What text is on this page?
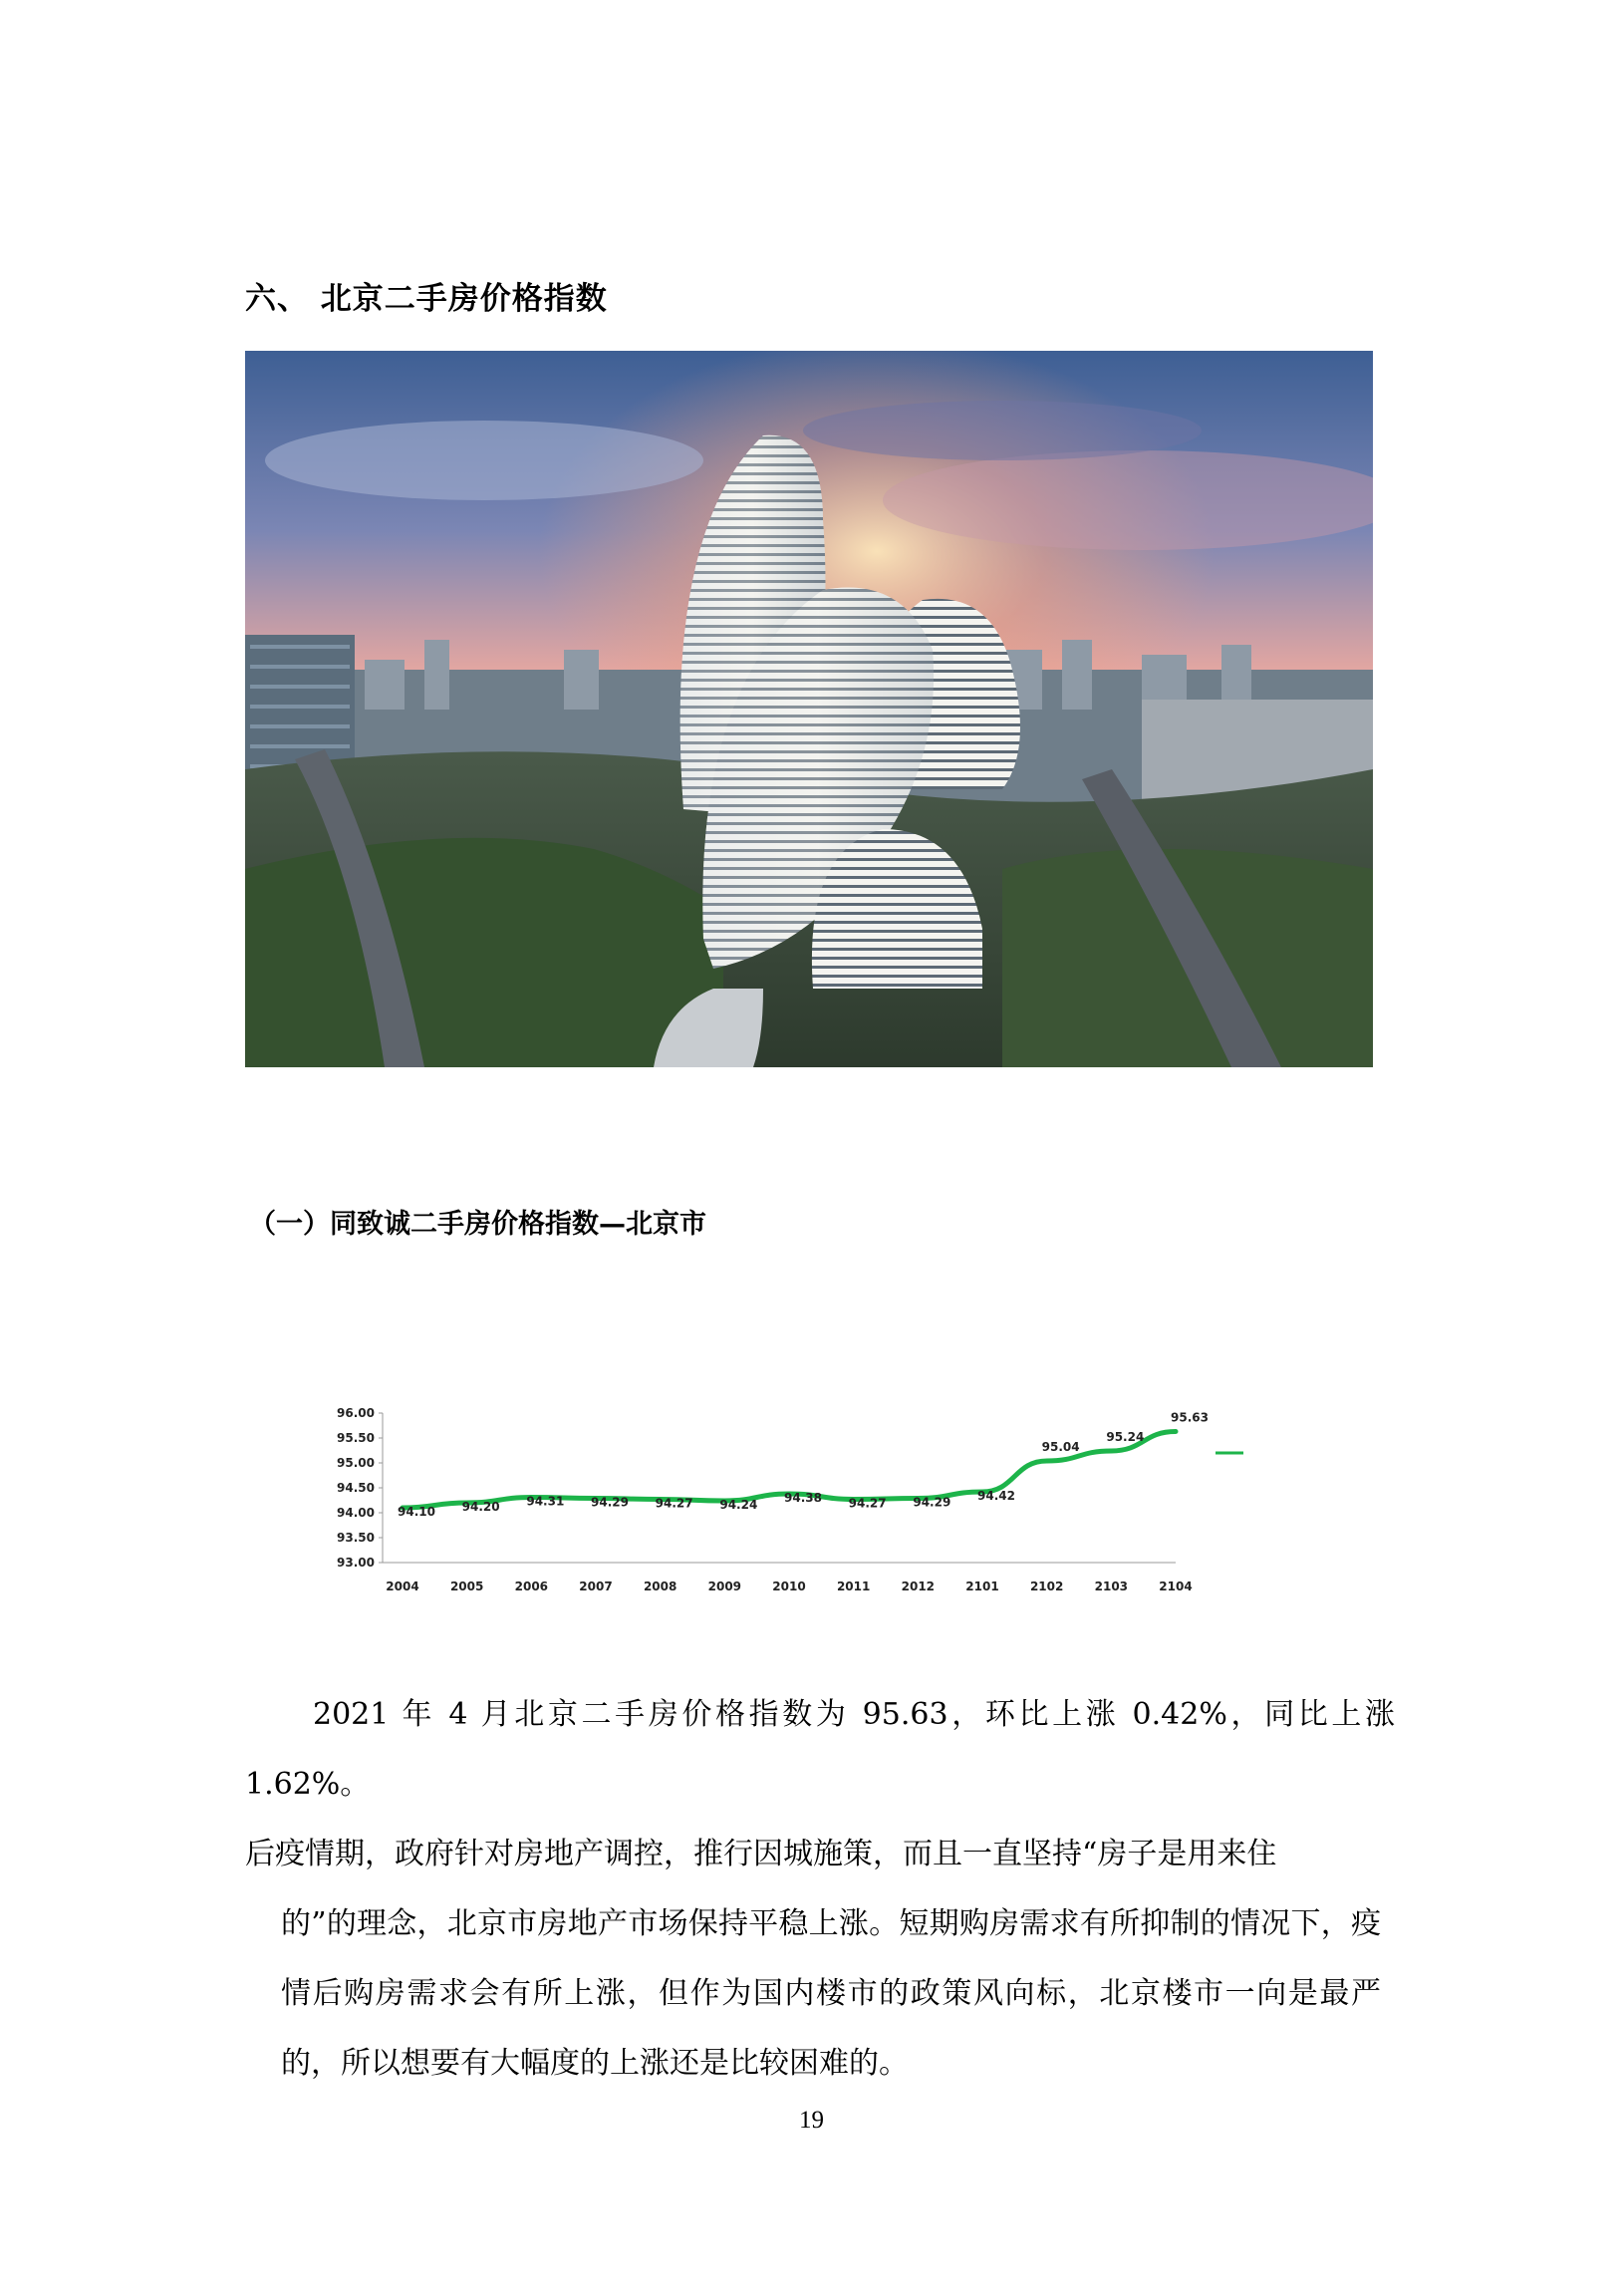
六、 北京二手房价格指数
（一）同致诚二手房价格指数—北京市
96.00
95.50
95.00
94.50
94.00
93.50
93.00
2004	2005	2006	2007	2008	2009	2010	2011	2012	2101	2102	2103	2104
94.10 94.20 94.31 94.29 94.27 94.24 94.38 94.27 94.29 94.42
95.04
95.24
95.63

2021 年 4 月北京二手房价格指数为 95.63，环比上涨 0.42%，同比上涨 1.62%。
后疫情期，政府针对房地产调控，推行因城施策，而且一直坚持“房子是用来住
的”的理念，北京市房地产市场保持平稳上涨。短期购房需求有所抑制的情况下，疫情后购房需求会有所上涨，但作为国内楼市的政策风向标，北京楼市一向是最严的，所以想要有大幅度的上涨还是比较困难的。

19
